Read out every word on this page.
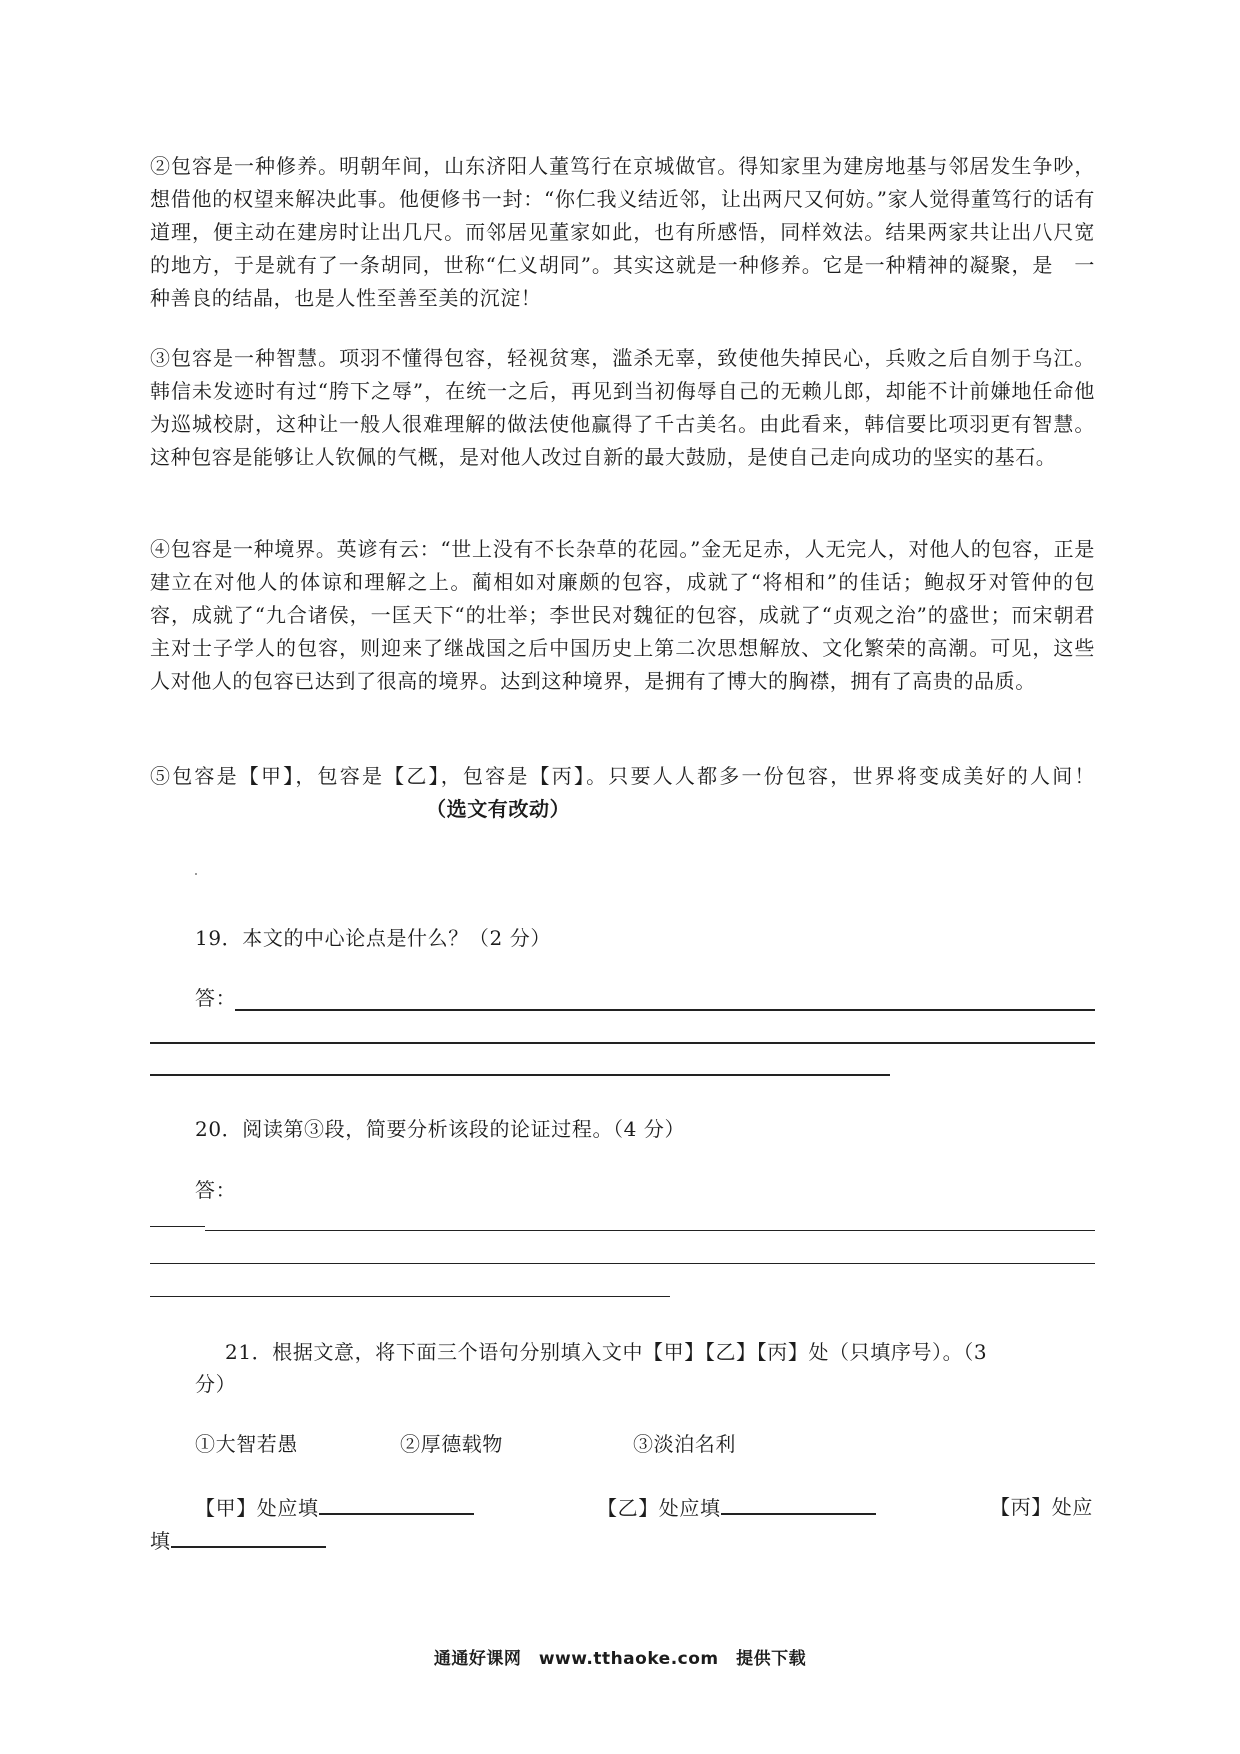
②包容是一种修养。明朝年间，山东济阳人董笃行在京城做官。得知家里为建房地基与邻居发生争吵，想借他的权望来解决此事。他便修书一封：“你仁我义结近邻，让出两尺又何妨。”家人觉得董笃行的话有道理，便主动在建房时让出几尺。而邻居见董家如此，也有所感悟，同样效法。结果两家共让出八尺宽的地方，于是就有了一条胡同，世称“仁义胡同”。其实这就是一种修养。它是一种精神的凝聚，是　一种善良的结晶，也是人性至善至美的沉淀！

③包容是一种智慧。项羽不懂得包容，轻视贫寒，滥杀无辜，致使他失掉民心，兵败之后自刎于乌江。韩信未发迹时有过“胯下之辱”，在统一之后，再见到当初侮辱自己的无赖儿郎，却能不计前嫌地任命他为巡城校尉，这种让一般人很难理解的做法使他赢得了千古美名。由此看来，韩信要比项羽更有智慧。这种包容是能够让人钦佩的气概，是对他人改过自新的最大鼓励，是使自己走向成功的坚实的基石。

④包容是一种境界。英谚有云：“世上没有不长杂草的花园。”金无足赤，人无完人，对他人的包容，正是建立在对他人的体谅和理解之上。蔺相如对廉颇的包容，成就了“将相和”的佳话；鲍叔牙对管仲的包容，成就了“九合诸侯，一匡天下“的壮举；李世民对魏征的包容，成就了“贞观之治”的盛世；而宋朝君主对士子学人的包容，则迎来了继战国之后中国历史上第二次思想解放、文化繁荣的高潮。可见，这些人对他人的包容已达到了很高的境界。达到这种境界，是拥有了博大的胸襟，拥有了高贵的品质。

⑤包容是【甲】，包容是【乙】，包容是【丙】。只要人人都多一份包容，世界将变成美好的人间！（选文有改动）

19．本文的中心论点是什么？（2 分）

答：

20．阅读第③段，简要分析该段的论证过程。（4 分）

答：

21．根据文意，将下面三个语句分别填入文中【甲】【乙】【丙】处（只填序号）。（3

分）

①大智若愚	②厚德载物	③淡泊名利

【甲】处应填	【乙】处应填	【丙】处应

填

通通好课网　www.tthaoke.com　提供下载
